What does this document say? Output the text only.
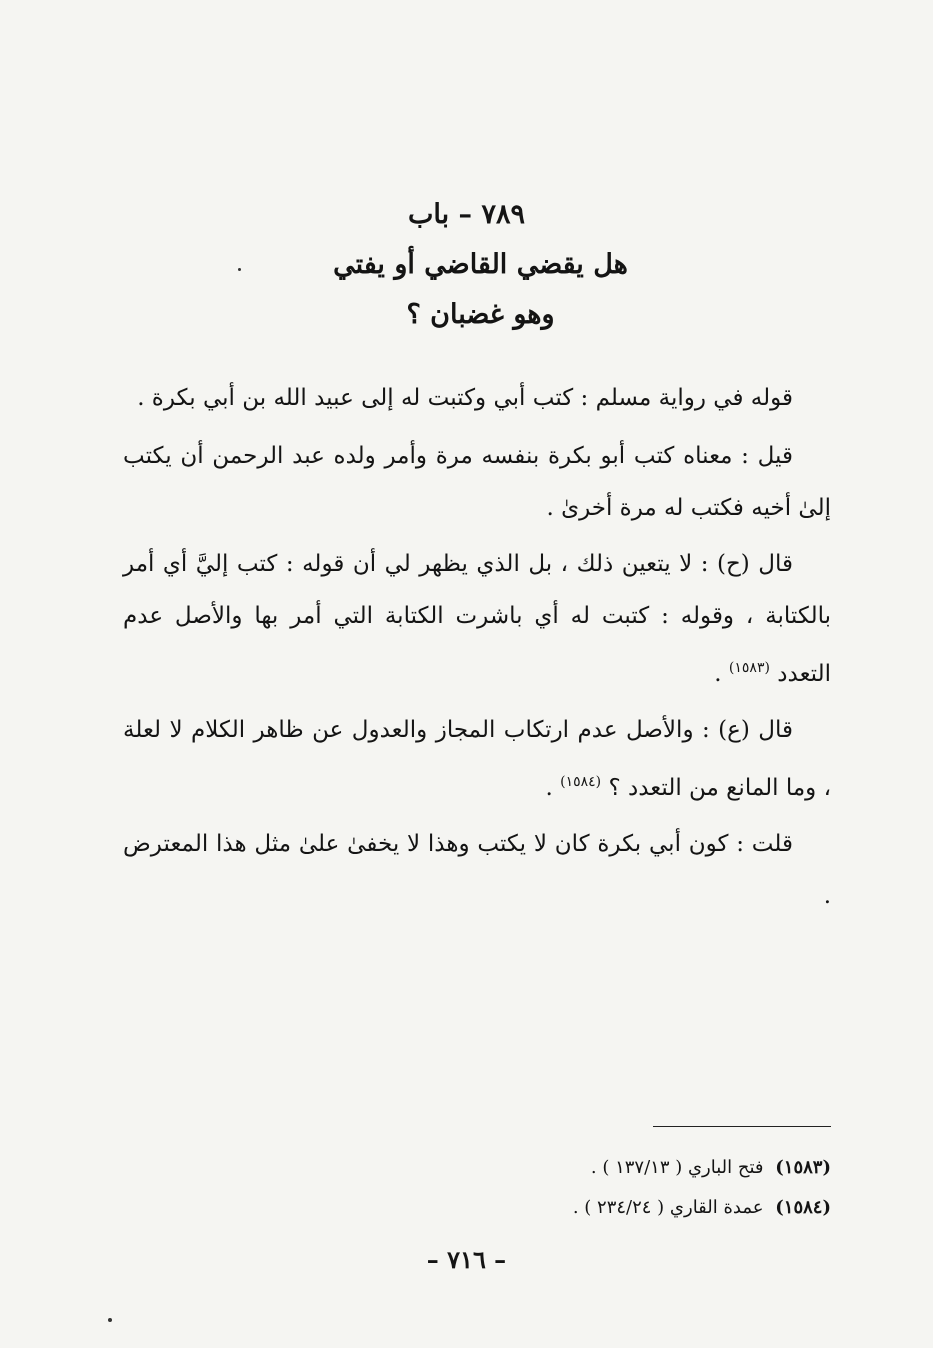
٧٨٩ – باب
هل يقضي القاضي أو يفتي
وهو غضبان ؟

قوله في رواية مسلم : كتب أبي وكتبت له إلى عبيد الله بن أبي بكرة .

قيل : معناه كتب أبو بكرة بنفسه مرة وأمر ولده عبد الرحمن أن يكتب إلىٰ أخيه فكتب له مرة أخرىٰ .

قال (ح) : لا يتعين ذلك ، بل الذي يظهر لي أن قوله : كتب إليَّ أي أمر بالكتابة ، وقوله : كتبت له أي باشرت الكتابة التي أمر بها والأصل عدم التعدد $^{(١٥٨٣)}$ .

قال (ع) : والأصل عدم ارتكاب المجاز والعدول عن ظاهر الكلام لا لعلة ، وما المانع من التعدد ؟ $^{(١٥٨٤)}$ .

قلت : كون أبي بكرة كان لا يكتب وهذا لا يخفىٰ علىٰ مثل هذا المعترض .

(١٥٨٣) فتح الباري ( ١٣٧/١٣ ) .
(١٥٨٤) عمدة القاري ( ٢٣٤/٢٤ ) .
– ٧١٦ –
